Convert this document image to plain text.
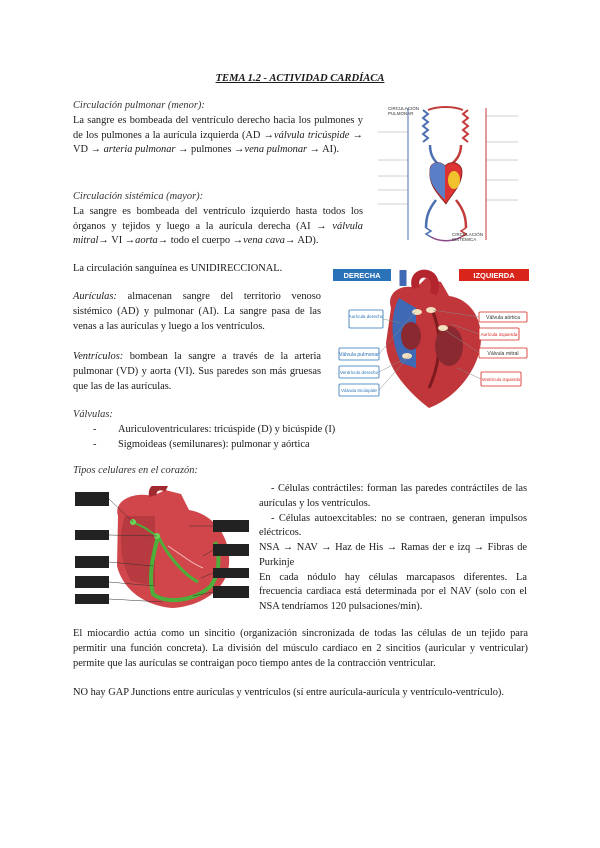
TEMA 1.2 - ACTIVIDAD CARDÍACA

Circulación pulmonar (menor):

La sangre es bombeada del ventrículo derecho hacia los pulmones y de los pulmones a la aurícula izquierda (AD →válvula tricúspide → VD → arteria pulmonar → pulmones →vena pulmonar → AI).

Circulación sistémica (mayor):

La sangre es bombeada del ventrículo izquierdo hasta todos los órganos y tejidos y luego a la aurícula derecha (AI → válvula mitral→ VI →aorta→ todo el cuerpo →vena cava→ AD).

La circulación sanguínea es UNIDIRECCIONAL.

Aurículas: almacenan sangre del territorio venoso sistémico (AD) y pulmonar (AI). La sangre pasa de las venas a las aurículas y luego a los ventrículos.

Ventrículos: bombean la sangre a través de la arteria pulmonar (VD) y aorta (VI). Sus paredes son más gruesas que las de las aurículas.

Válvulas:

- Auriculoventriculares: tricúspide (D) y bicúspide (I)
- Sigmoideas (semilunares): pulmonar y aórtica

Tipos celulares en el corazón:

- Células contráctiles: forman las paredes contráctiles de las aurículas y los ventrículos.

- Células autoexcitables: no se contraen, generan impulsos eléctricos.

NSA → NAV → Haz de His → Ramas der e izq → Fibras de Purkinje

En cada nódulo hay células marcapasos diferentes. La frecuencia cardiaca está determinada por el NAV (solo con el NSA tendríamos 120 pulsaciones/min).

El miocardio actúa como un sincitio (organización sincronizada de todas las células de un tejido para permitir una función concreta). La división del músculo cardiaco en 2 sincitios (auricular y ventricular) permite que las aurículas se contraigan poco tiempo antes de la contracción ventricular.

NO hay GAP Junctions entre aurículas y ventrículos (sí entre aurícula-aurícula y ventrículo-ventrículo).

CIRCULACIÓN
PULMONAR
CIRCULACIÓN
SISTÉMICA
DERECHA	IZQUIERDA
Aurícula derecha
Válvula pulmonar
Ventrículo derecho
Válvula tricúspide
Válvula aórtica
Aurícula izquierda
Válvula mitral
Ventrículo izquierdo
